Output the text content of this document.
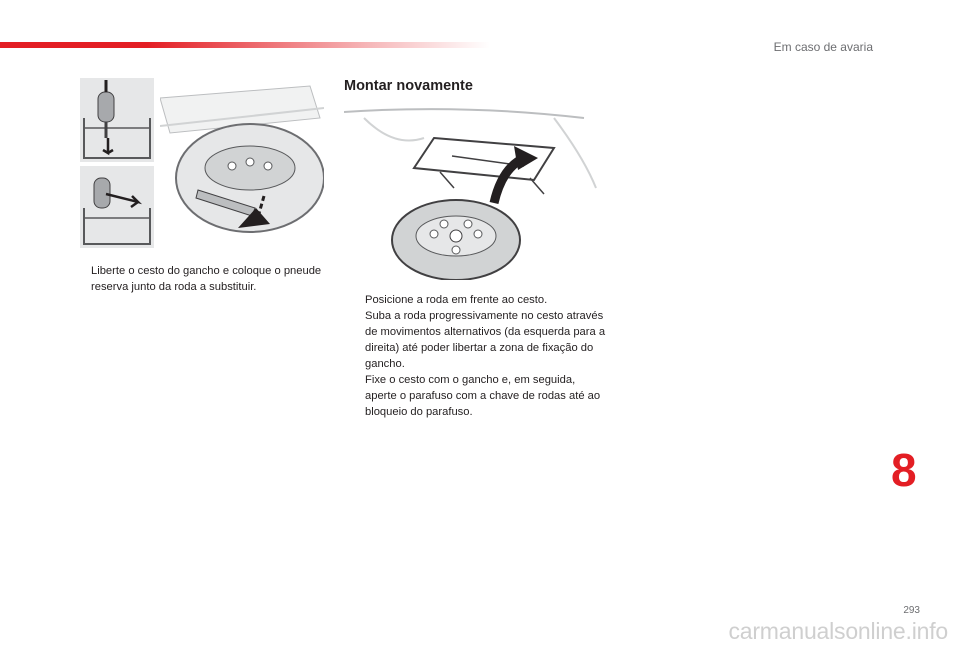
Em caso de avaria
Liberte o cesto do gancho e coloque o pneude reserva junto da roda a substituir.
Montar novamente
Posicione a roda em frente ao cesto.
Suba a roda progressivamente no cesto através de movimentos alternativos (da esquerda para a direita) até poder libertar a zona de fixação do gancho.
Fixe o cesto com o gancho e, em seguida, aperte o parafuso com a chave de rodas até ao bloqueio do parafuso.
8
293
carmanualsonline.info
